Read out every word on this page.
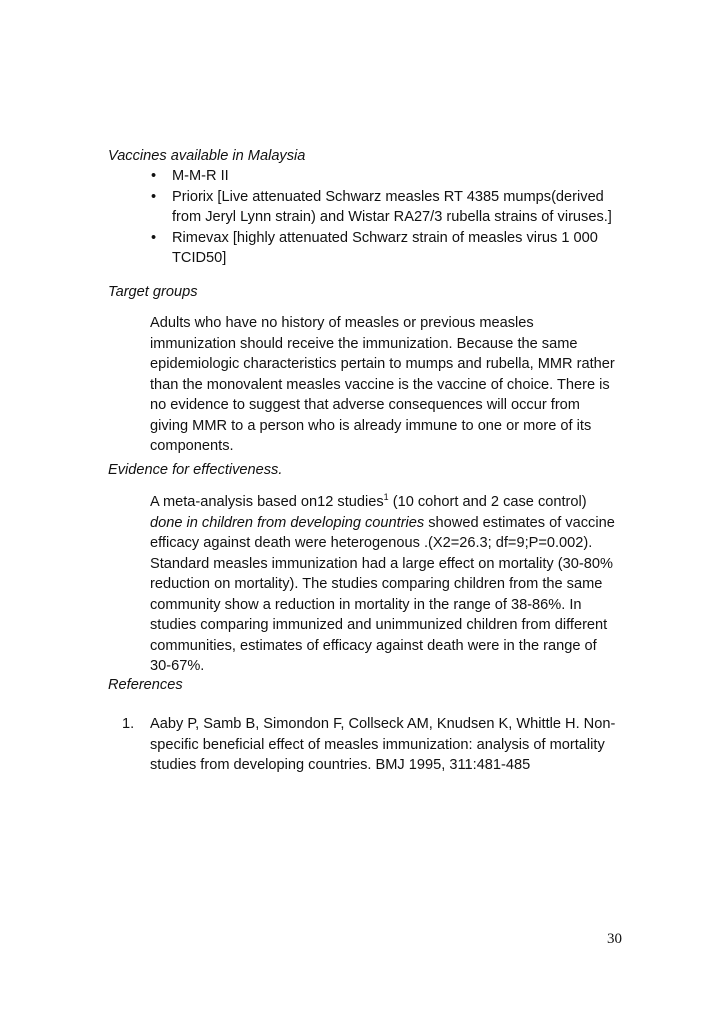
Vaccines available in Malaysia
• M-M-R II
• Priorix [Live attenuated Schwarz measles RT 4385 mumps(derived from Jeryl Lynn strain) and Wistar RA27/3 rubella strains of viruses.]
• Rimevax [highly attenuated Schwarz strain of measles virus 1 000 TCID50]
Target groups

Adults who have no history of measles or previous measles immunization should receive the immunization. Because the same epidemiologic characteristics pertain to mumps and rubella, MMR rather than the monovalent measles vaccine is the vaccine of choice. There is no evidence to suggest that adverse consequences will occur from giving MMR to a person who is already immune to one or more of its components.

Evidence for effectiveness.

A meta-analysis based on12 studies$^1$ (10 cohort and 2 case control) done in children from developing countries showed estimates of vaccine efficacy against death were heterogenous .(X2=26.3; df=9;P=0.002). Standard measles immunization had a large effect on mortality (30-80% reduction on mortality). The studies comparing children from the same community show a reduction in mortality in the range of 38-86%. In studies comparing immunized and unimmunized children from different communities, estimates of efficacy against death were in the range of 30-67%.

References
1. Aaby P, Samb B, Simondon F, Collseck AM, Knudsen K, Whittle H. Non-specific beneficial effect of measles immunization: analysis of mortality studies from developing countries. BMJ 1995, 311:481-485
30
